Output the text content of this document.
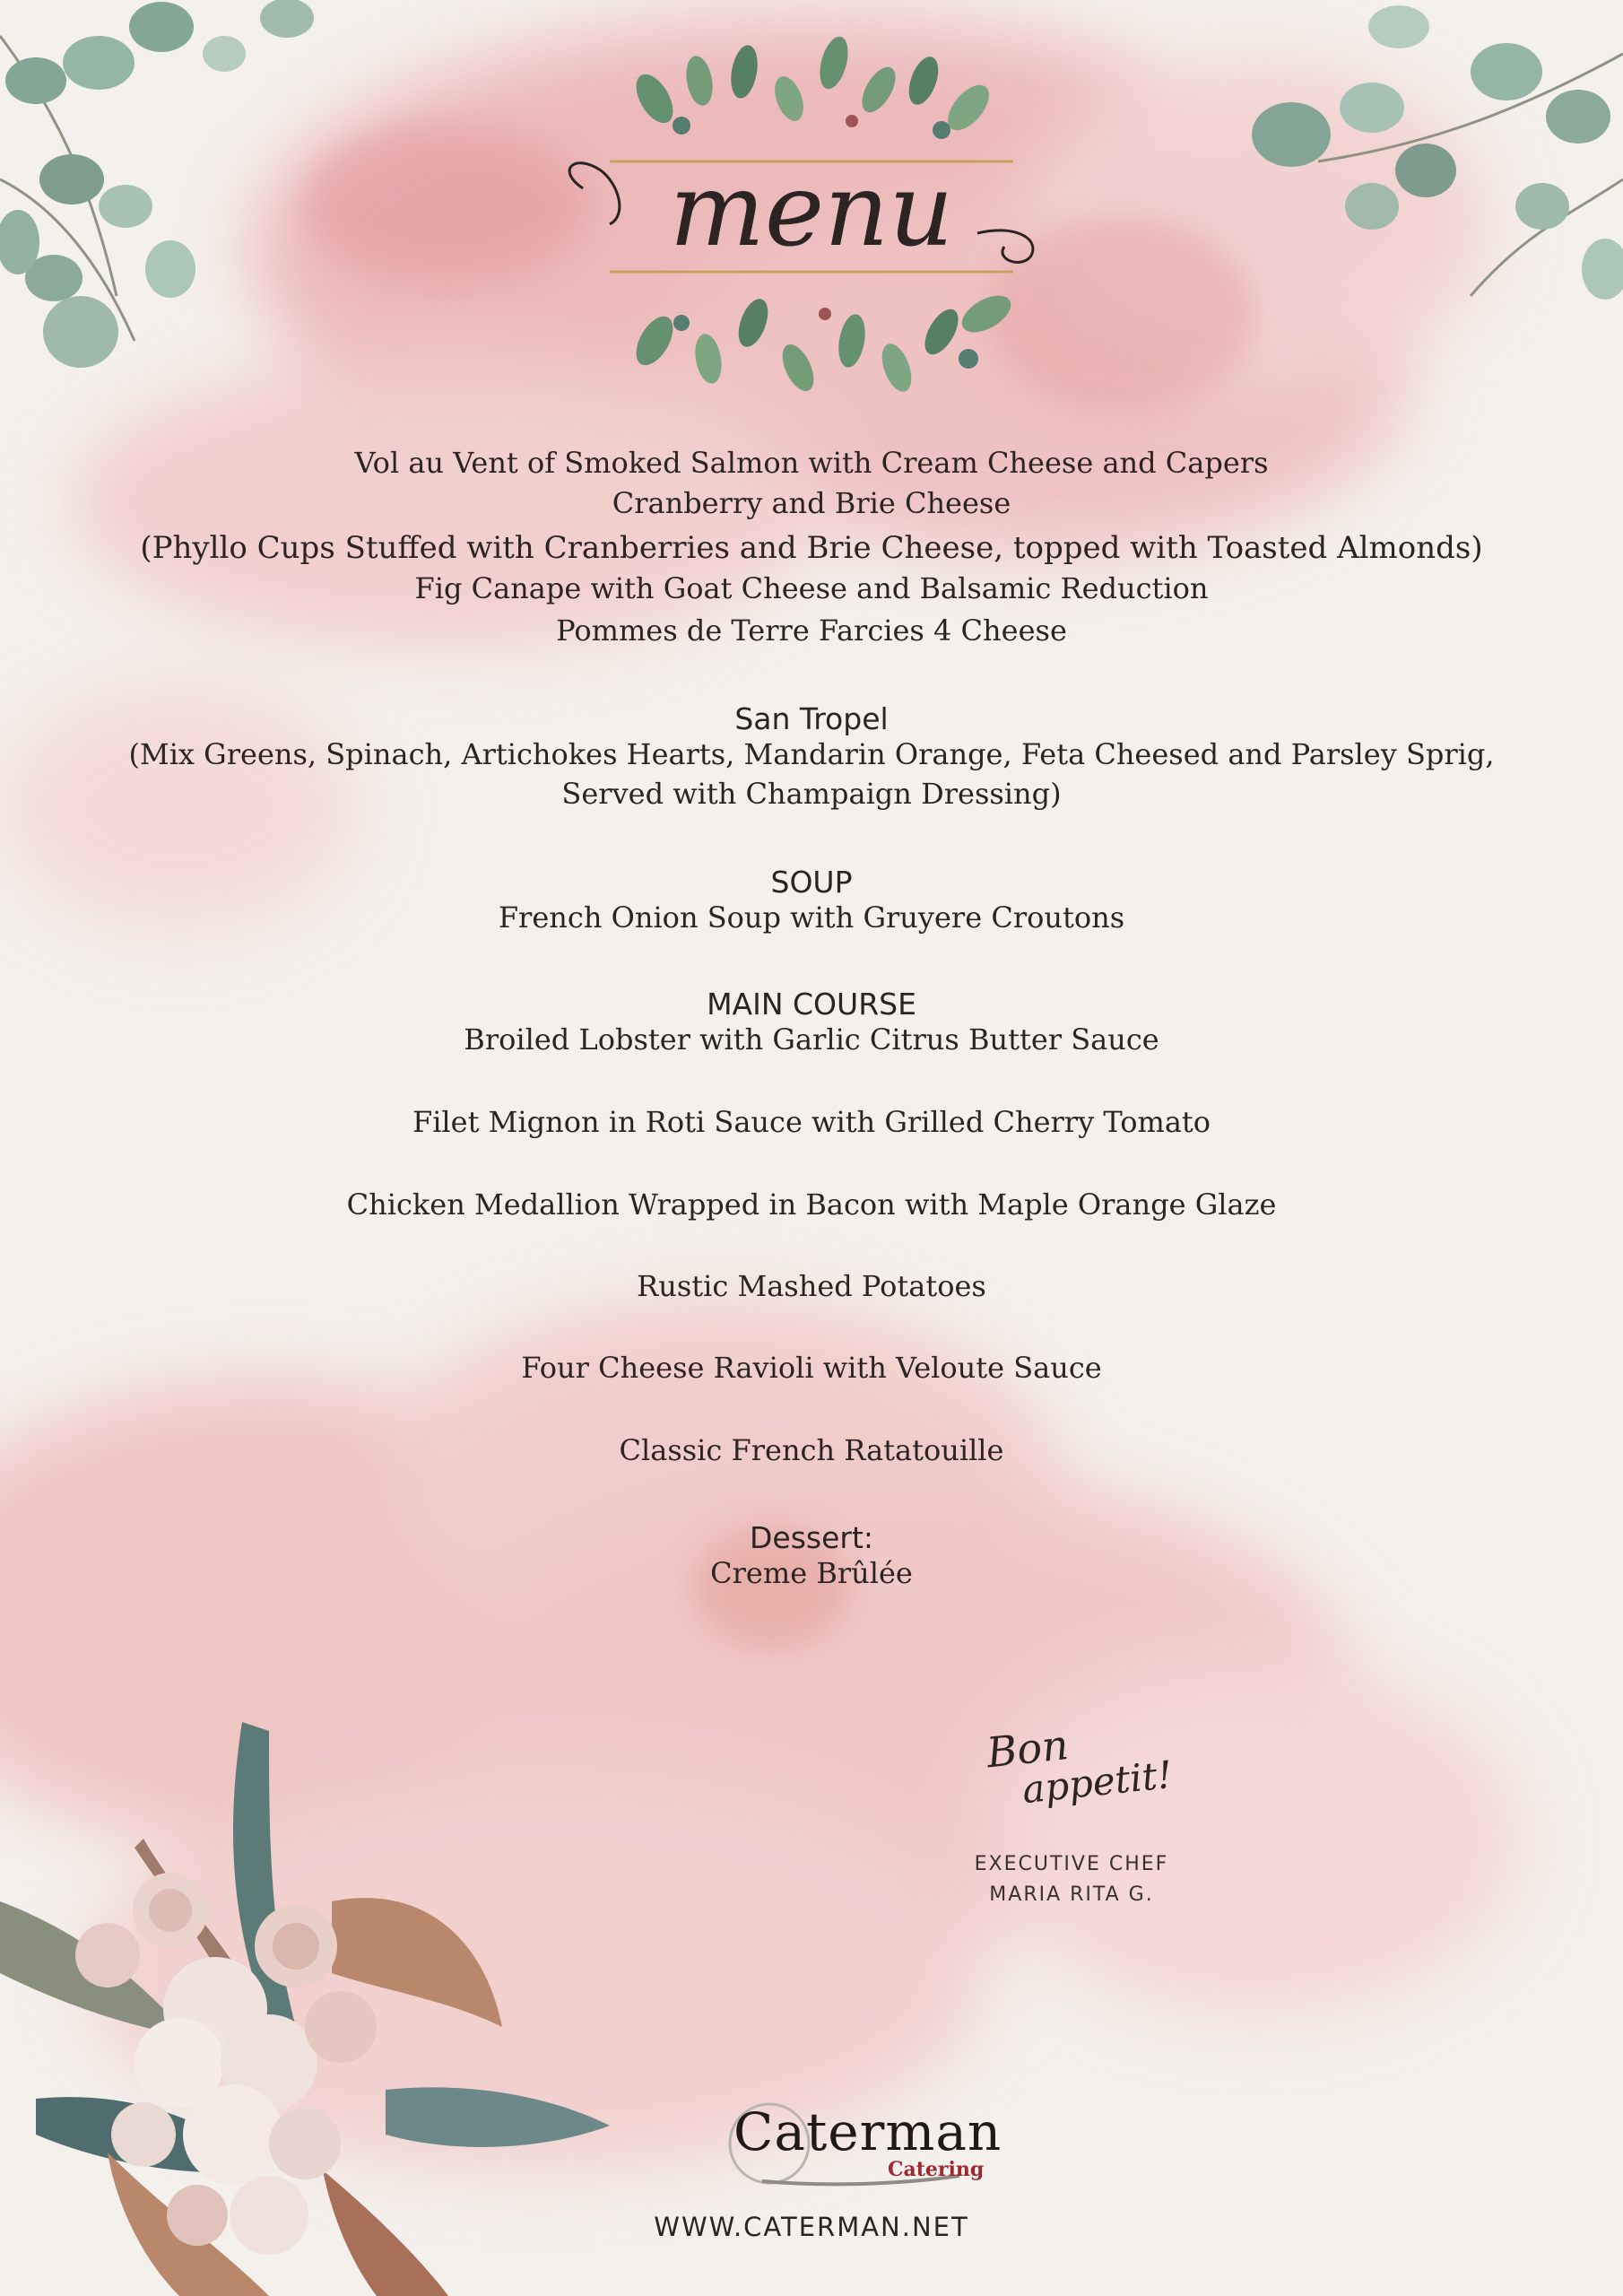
menu
Vol au Vent of Smoked Salmon with Cream Cheese and Capers
Cranberry and Brie Cheese
(Phyllo Cups Stuffed with Cranberries and Brie Cheese, topped with Toasted Almonds)
Fig Canape with Goat Cheese and Balsamic Reduction
Pommes de Terre Farcies 4 Cheese
San Tropel
(Mix Greens, Spinach, Artichokes Hearts, Mandarin Orange, Feta Cheesed and Parsley Sprig,
Served with Champaign Dressing)
SOUP
French Onion Soup with Gruyere Croutons
MAIN COURSE
Broiled Lobster with Garlic Citrus Butter Sauce
Filet Mignon in Roti Sauce with Grilled Cherry Tomato
Chicken Medallion Wrapped in Bacon with Maple Orange Glaze
Rustic Mashed Potatoes
Four Cheese Ravioli with Veloute Sauce
Classic French Ratatouille
Dessert:
Creme Brûlée
Bon
appetit!
EXECUTIVE CHEF
MARIA RITA G.
Caterman
Catering
WWW.CATERMAN.NET
